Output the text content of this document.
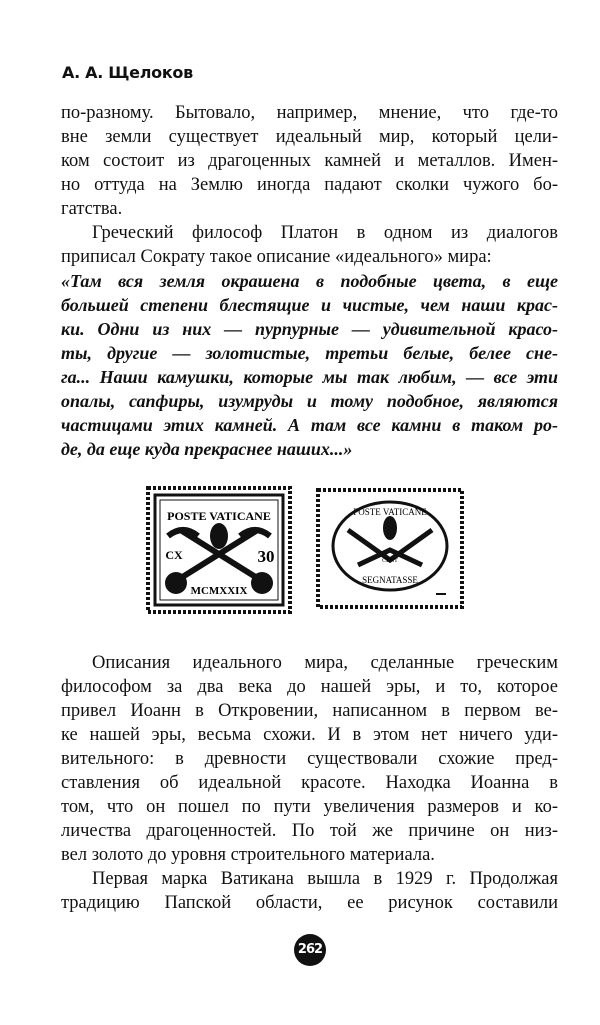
А. А. Щелоков
по-разному. Бытовало, например, мнение, что где-то
вне земли существует идеальный мир, который цели-
ком состоит из драгоценных камней и металлов. Имен-
но оттуда на Землю иногда падают сколки чужого бо-
гатства.
Греческий философ Платон в одном из диалогов
приписал Сократу такое описание «идеального» мира:
«Там вся земля окрашена в подобные цвета, в еще
большей степени блестящие и чистые, чем наши крас-
ки. Одни из них — пурпурные — удивительной красо-
ты, другие — золотистые, третьи белые, белее сне-
га... Наши камушки, которые мы так любим, — все эти
опалы, сапфиры, изумруды и тому подобное, являются
частицами этих камней. А там все камни в таком ро-
де, да еще куда прекраснее наших...»
POSTE VATICANE
CX	30
MCMXXIX
POSTE VATICANE
CENT
SEGNATASSE
Описания идеального мира, сделанные греческим
философом за два века до нашей эры, и то, которое
привел Иоанн в Откровении, написанном в первом ве-
ке нашей эры, весьма схожи. И в этом нет ничего уди-
вительного: в древности существовали схожие пред-
ставления об идеальной красоте. Находка Иоанна в
том, что он пошел по пути увеличения размеров и ко-
личества драгоценностей. По той же причине он низ-
вел золото до уровня строительного материала.
Первая марка Ватикана вышла в 1929 г. Продолжая
традицию Папской области, ее рисунок составили
262
